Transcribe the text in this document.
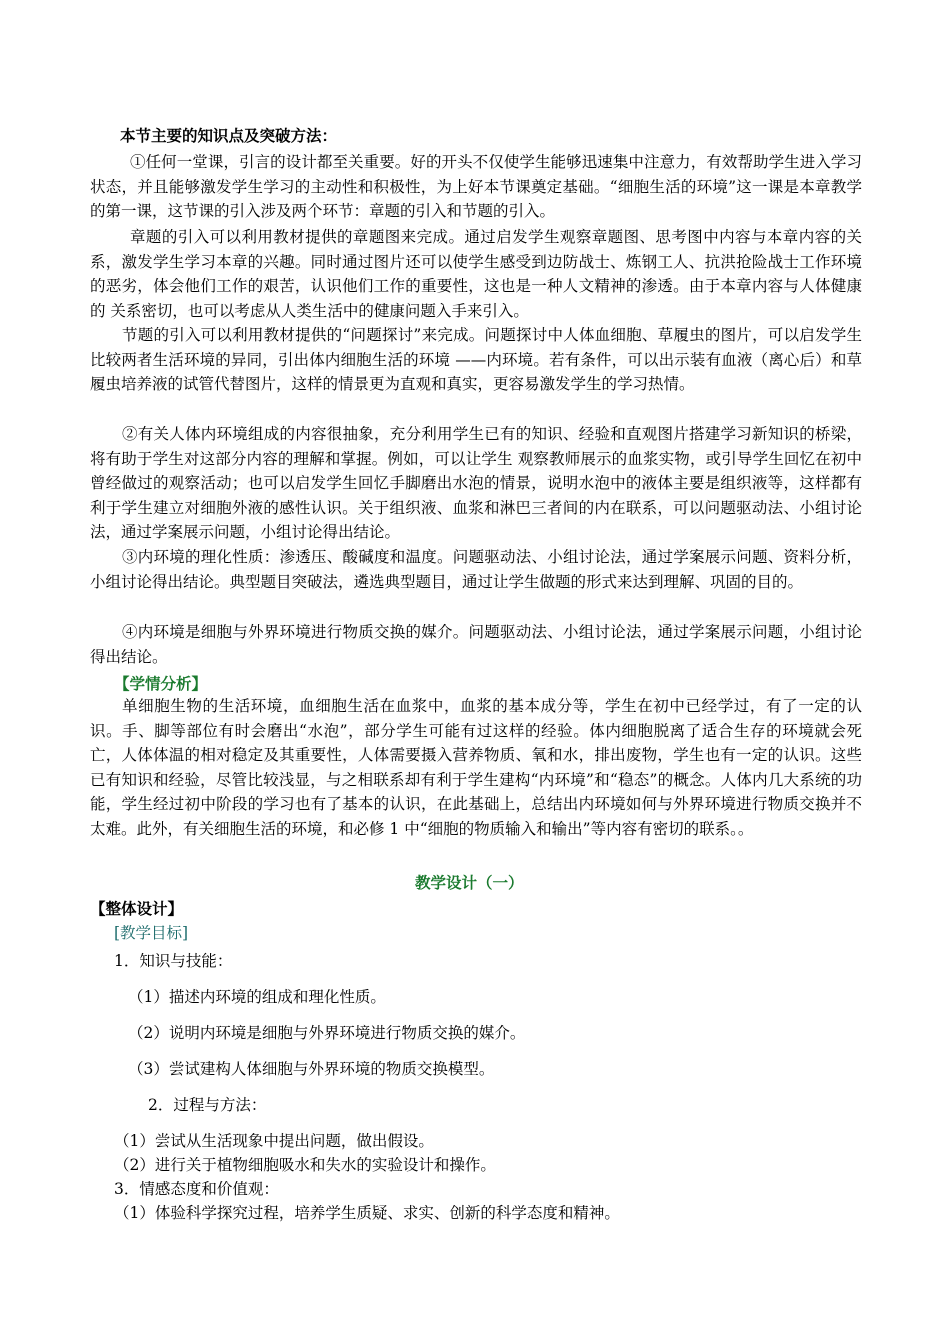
本节主要的知识点及突破方法：
①任何一堂课，引言的设计都至关重要。好的开头不仅使学生能够迅速集中注意力，有效帮助学生进入学习状态，并且能够激发学生学习的主动性和积极性，为上好本节课奠定基础。“细胞生活的环境”这一课是本章教学的第一课，这节课的引入涉及两个环节：章题的引入和节题的引入。
章题的引入可以利用教材提供的章题图来完成。通过启发学生观察章题图、思考图中内容与本章内容的关系，激发学生学习本章的兴趣。同时通过图片还可以使学生感受到边防战士、炼钢工人、抗洪抢险战士工作环境的恶劣，体会他们工作的艰苦，认识他们工作的重要性，这也是一种人文精神的渗透。由于本章内容与人体健康的 关系密切，也可以考虑从人类生活中的健康问题入手来引入。
节题的引入可以利用教材提供的“问题探讨”来完成。问题探讨中人体血细胞、草履虫的图片，可以启发学生比较两者生活环境的异同，引出体内细胞生活的环境 ——内环境。若有条件，可以出示装有血液（离心后）和草履虫培养液的试管代替图片，这样的情景更为直观和真实，更容易激发学生的学习热情。
②有关人体内环境组成的内容很抽象，充分利用学生已有的知识、经验和直观图片搭建学习新知识的桥梁，将有助于学生对这部分内容的理解和掌握。例如，可以让学生 观察教师展示的血浆实物，或引导学生回忆在初中曾经做过的观察活动；也可以启发学生回忆手脚磨出水泡的情景，说明水泡中的液体主要是组织液等，这样都有利于学生建立对细胞外液的感性认识。关于组织液、血浆和淋巴三者间的内在联系，可以问题驱动法、小组讨论法，通过学案展示问题，小组讨论得出结论。
③内环境的理化性质：渗透压、酸碱度和温度。问题驱动法、小组讨论法，通过学案展示问题、资料分析，小组讨论得出结论。典型题目突破法，遴选典型题目，通过让学生做题的形式来达到理解、巩固的目的。
④内环境是细胞与外界环境进行物质交换的媒介。问题驱动法、小组讨论法，通过学案展示问题，小组讨论得出结论。
【学情分析】
单细胞生物的生活环境，血细胞生活在血浆中，血浆的基本成分等，学生在初中已经学过，有了一定的认识。手、脚等部位有时会磨出“水泡”，部分学生可能有过这样的经验。体内细胞脱离了适合生存的环境就会死亡，人体体温的相对稳定及其重要性，人体需要摄入营养物质、氧和水，排出废物，学生也有一定的认识。这些已有知识和经验，尽管比较浅显，与之相联系却有利于学生建构“内环境”和“稳态”的概念。人体内几大系统的功能，学生经过初中阶段的学习也有了基本的认识，在此基础上，总结出内环境如何与外界环境进行物质交换并不太难。此外，有关细胞生活的环境，和必修 1 中“细胞的物质输入和输出”等内容有密切的联系。。
教学设计（一）
【整体设计】
[教学目标]
1．知识与技能：
（1）描述内环境的组成和理化性质。
（2）说明内环境是细胞与外界环境进行物质交换的媒介。
（3）尝试建构人体细胞与外界环境的物质交换模型。
2．过程与方法：
（1）尝试从生活现象中提出问题，做出假设。
（2）进行关于植物细胞吸水和失水的实验设计和操作。
3．情感态度和价值观：
（1）体验科学探究过程，培养学生质疑、求实、创新的科学态度和精神。
